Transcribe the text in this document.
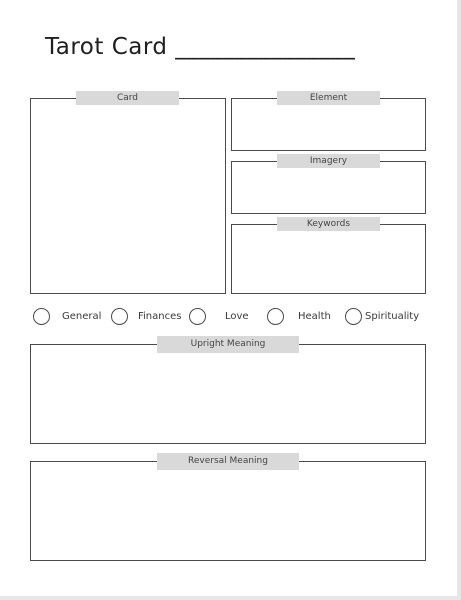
Tarot Card _______________
Card	Element
Imagery
Keywords
General	Finances	Love	Health	Spirituality
Upright Meaning
Reversal Meaning
